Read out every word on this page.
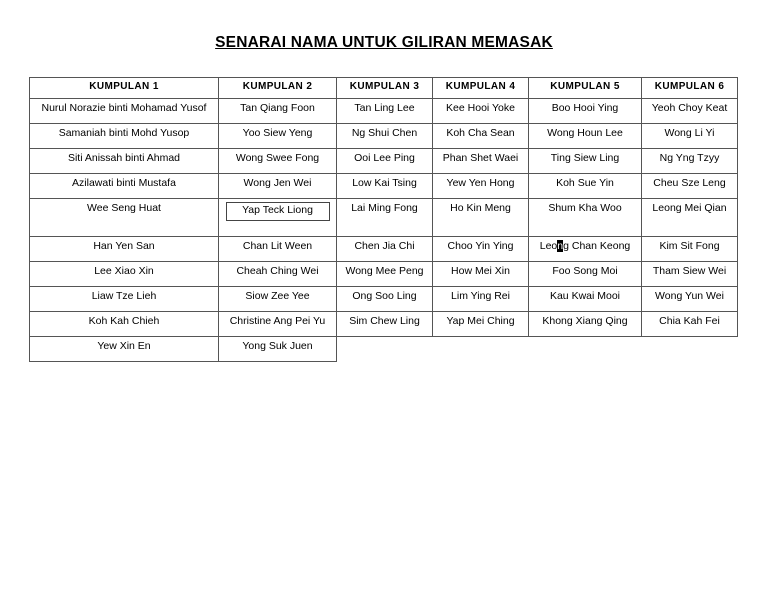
SENARAI NAMA UNTUK GILIRAN MEMASAK
KUMPULAN 1	KUMPULAN 2	KUMPULAN 3	KUMPULAN 4	KUMPULAN 5	KUMPULAN 6
Nurul Norazie binti Mohamad Yusof	Tan Qiang Foon	Tan Ling Lee	Kee Hooi Yoke	Boo Hooi Ying	Yeoh Choy Keat
Samaniah binti Mohd Yusop	Yoo Siew Yeng	Ng Shui Chen	Koh Cha Sean	Wong Houn Lee	Wong Li Yi
Siti Anissah binti Ahmad	Wong Swee Fong	Ooi Lee Ping	Phan Shet Waei	Ting Siew Ling	Ng Yng Tzyy
Azilawati binti Mustafa	Wong Jen Wei	Low Kai Tsing	Yew Yen Hong	Koh Sue Yin	Cheu Sze Leng
Wee Seng Huat	Yap Teck Liong	Lai Ming Fong	Ho Kin Meng	Shum Kha Woo	Leong Mei Qian
Han Yen San	Chan Lit Ween	Chen Jia Chi	Choo Yin Ying	Leong Chan Keong	Kim Sit Fong
Lee Xiao Xin	Cheah Ching Wei	Wong Mee Peng	How Mei Xin	Foo Song Moi	Tham Siew Wei
Liaw Tze Lieh	Siow Zee Yee	Ong Soo Ling	Lim Ying Rei	Kau Kwai Mooi	Wong Yun Wei
Koh Kah Chieh	Christine Ang Pei Yu	Sim Chew Ling	Yap Mei Ching	Khong Xiang Qing	Chia Kah Fei
Yew Xin En	Yong Suk Juen				
